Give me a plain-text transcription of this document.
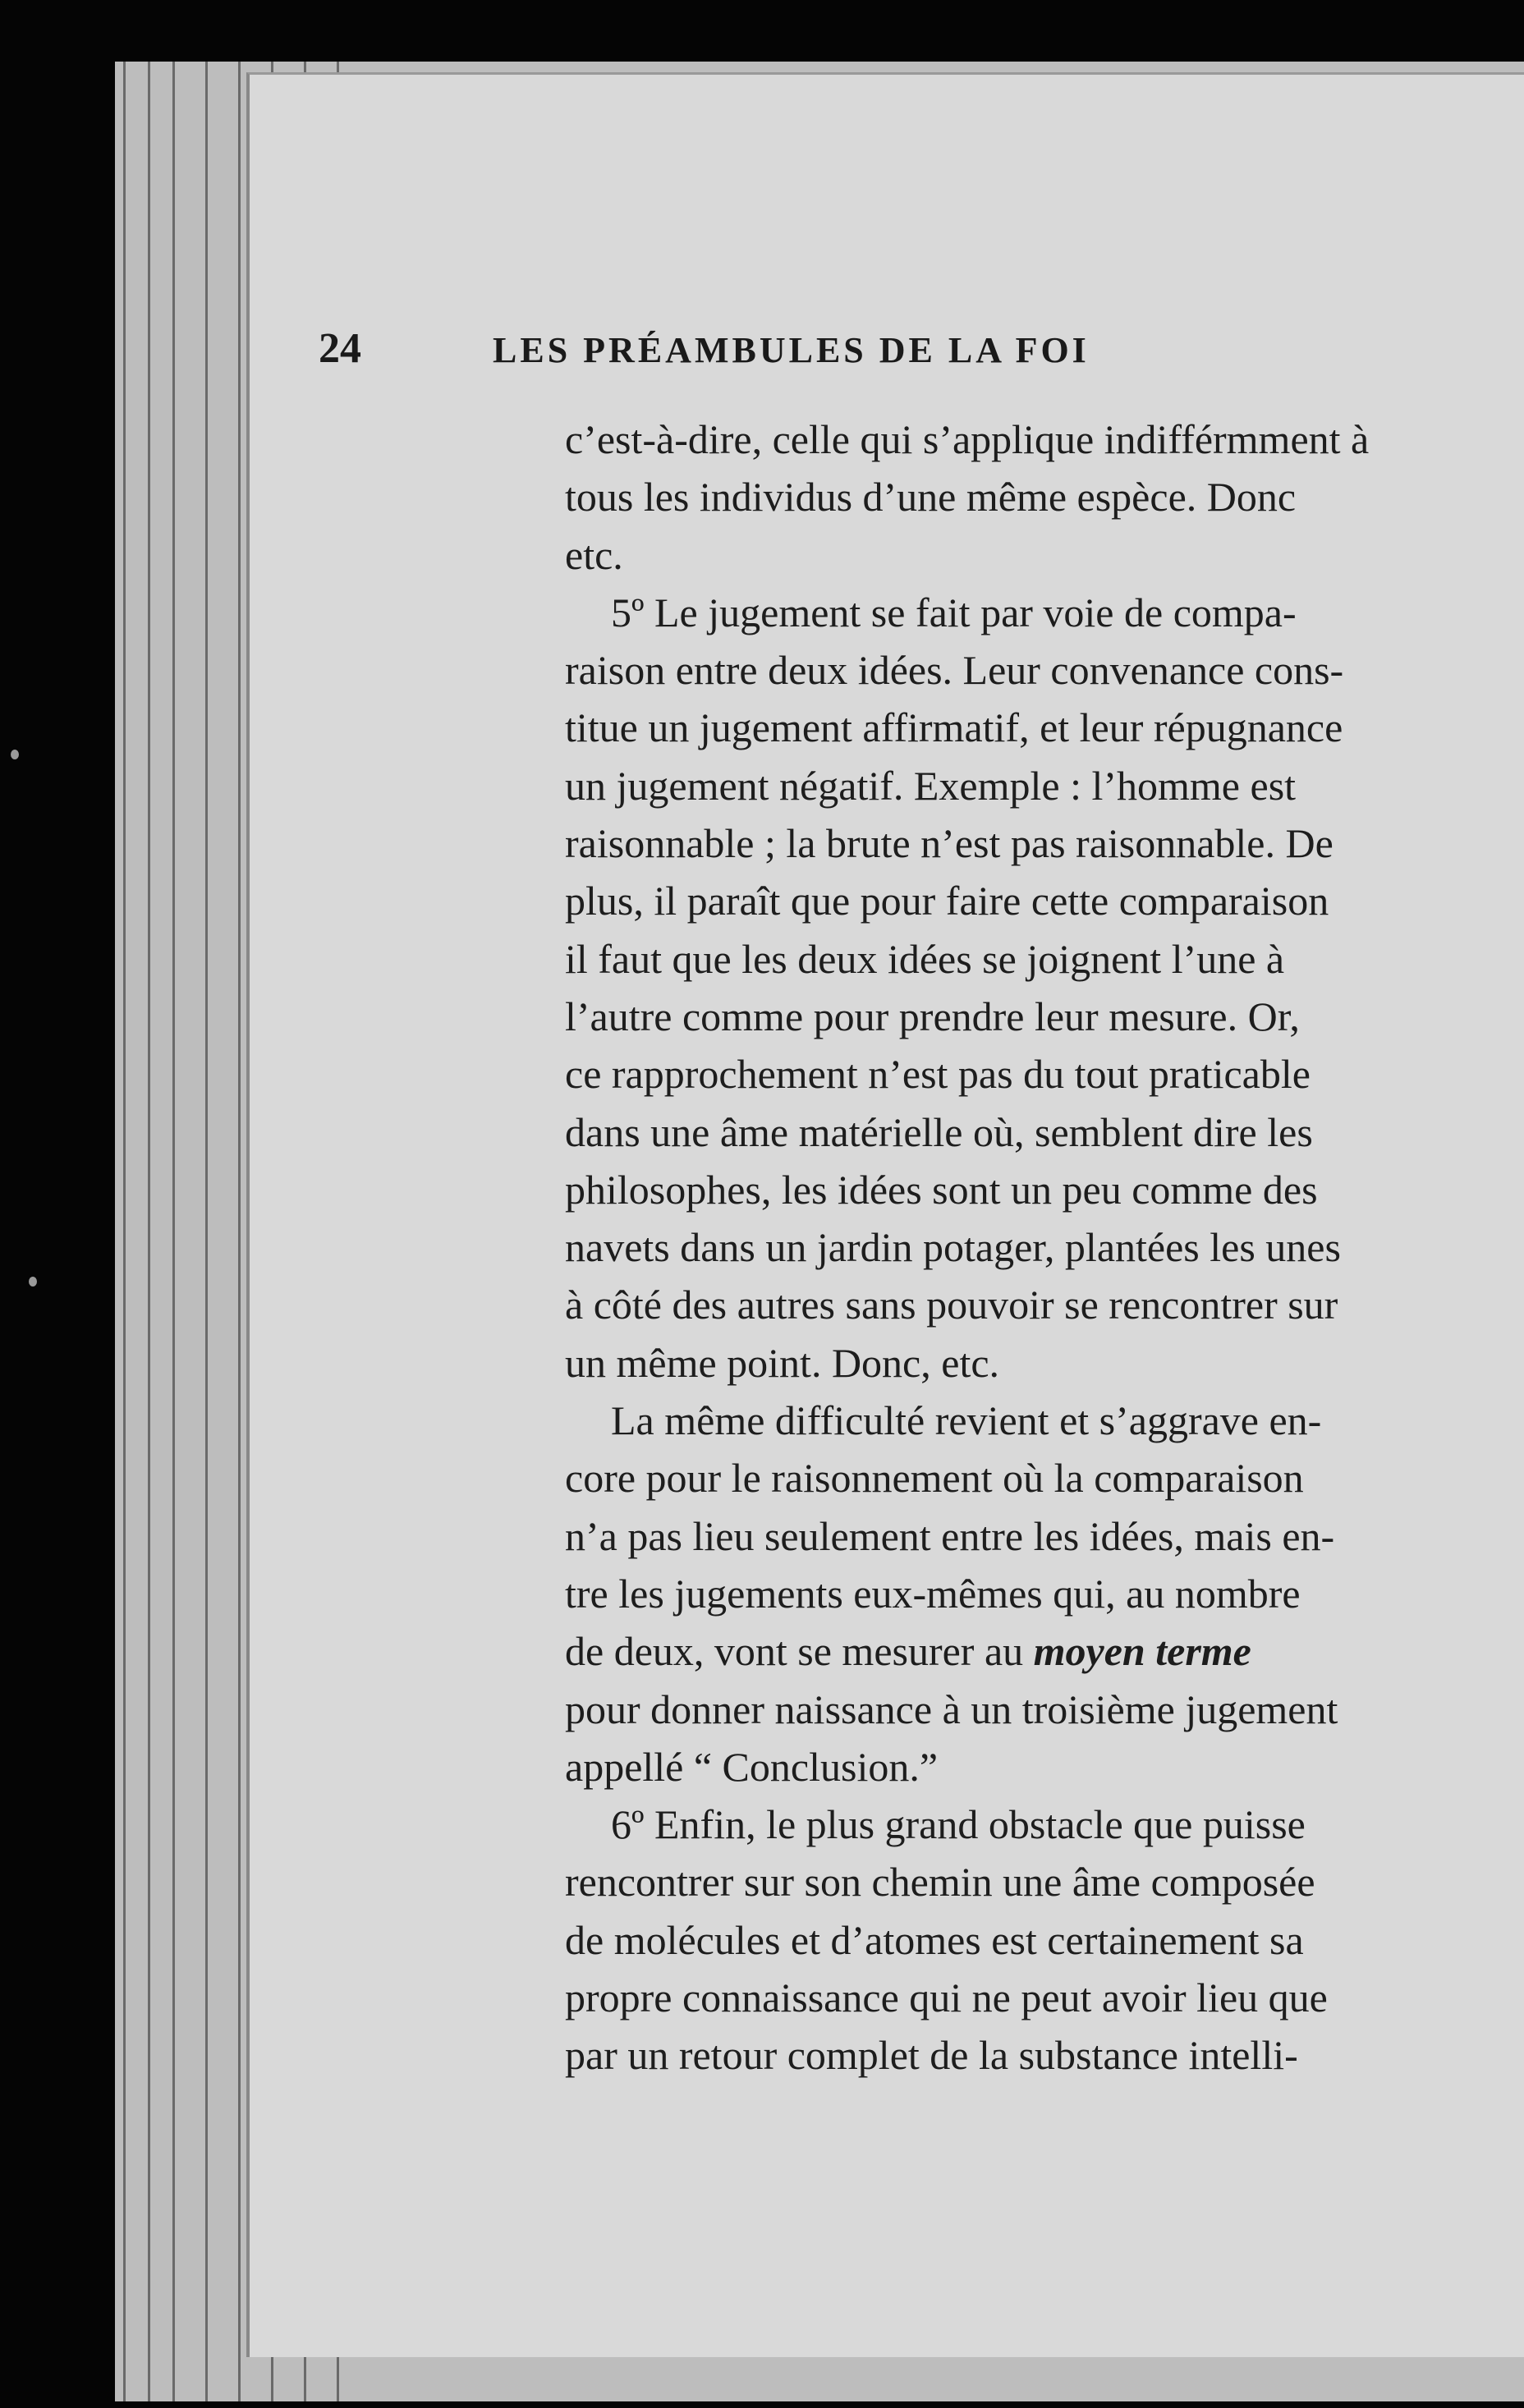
24	LES PRÉAMBULES DE LA FOI
c’est-à-dire, celle qui s’applique indifférmment à
tous les individus d’une même espèce. Donc
etc.
5º Le jugement se fait par voie de compa-
raison entre deux idées. Leur convenance cons-
titue un jugement affirmatif, et leur répugnance
un jugement négatif. Exemple : l’homme est
raisonnable ; la brute n’est pas raisonnable. De
plus, il paraît que pour faire cette comparaison
il faut que les deux idées se joignent l’une à
l’autre comme pour prendre leur mesure. Or,
ce rapprochement n’est pas du tout praticable
dans une âme matérielle où, semblent dire les
philosophes, les idées sont un peu comme des
navets dans un jardin potager, plantées les unes
à côté des autres sans pouvoir se rencontrer sur
un même point. Donc, etc.
La même difficulté revient et s’aggrave en-
core pour le raisonnement où la comparaison
n’a pas lieu seulement entre les idées, mais en-
tre les jugements eux-mêmes qui, au nombre
de deux, vont se mesurer au moyen terme
pour donner naissance à un troisième jugement
appellé “ Conclusion.”
6º Enfin, le plus grand obstacle que puisse
rencontrer sur son chemin une âme composée
de molécules et d’atomes est certainement sa
propre connaissance qui ne peut avoir lieu que
par un retour complet de la substance intelli-
